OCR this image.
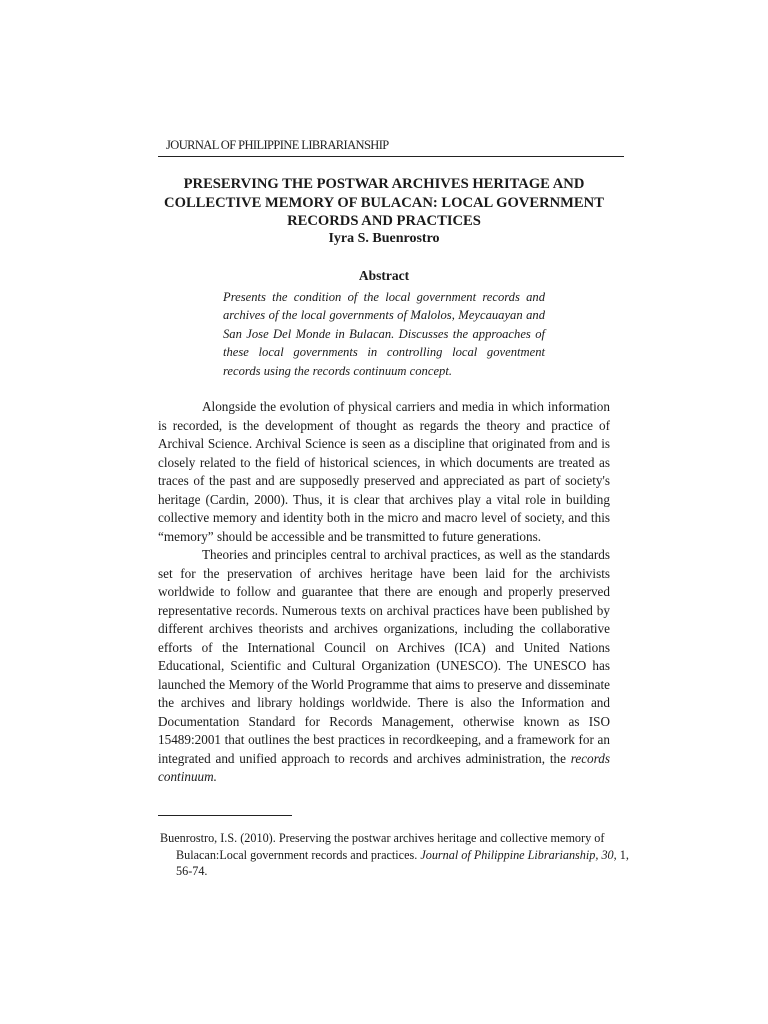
JOURNAL OF PHILIPPINE LIBRARIANSHIP
PRESERVING THE POSTWAR ARCHIVES HERITAGE AND COLLECTIVE MEMORY OF BULACAN: LOCAL GOVERNMENT RECORDS AND PRACTICES
Iyra S. Buenrostro
Abstract

Presents the condition of the local government records and archives of the local governments of Malolos, Meycauayan and San Jose Del Monde in Bulacan. Discusses the approaches of these local governments in controlling local goventment records using the records continuum concept.

Alongside the evolution of physical carriers and media in which information is recorded, is the development of thought as regards the theory and practice of Archival Science. Archival Science is seen as a discipline that originated from and is closely related to the field of historical sciences, in which documents are treated as traces of the past and are supposedly preserved and appreciated as part of society's heritage (Cardin, 2000). Thus, it is clear that archives play a vital role in building collective memory and identity both in the micro and macro level of society, and this “memory” should be accessible and be transmitted to future generations.

Theories and principles central to archival practices, as well as the standards set for the preservation of archives heritage have been laid for the archivists worldwide to follow and guarantee that there are enough and properly preserved representative records. Numerous texts on archival practices have been published by different archives theorists and archives organizations, including the collaborative efforts of the International Council on Archives (ICA) and United Nations Educational, Scientific and Cultural Organization (UNESCO). The UNESCO has launched the Memory of the World Programme that aims to preserve and disseminate the archives and library holdings worldwide. There is also the Information and Documentation Standard for Records Management, otherwise known as ISO 15489:2001 that outlines the best practices in recordkeeping, and a framework for an integrated and unified approach to records and archives administration, the records continuum.

Buenrostro, I.S. (2010). Preserving the postwar archives heritage and collective memory of Bulacan:Local government records and practices. Journal of Philippine Librarianship, 30, 1, 56-74.
